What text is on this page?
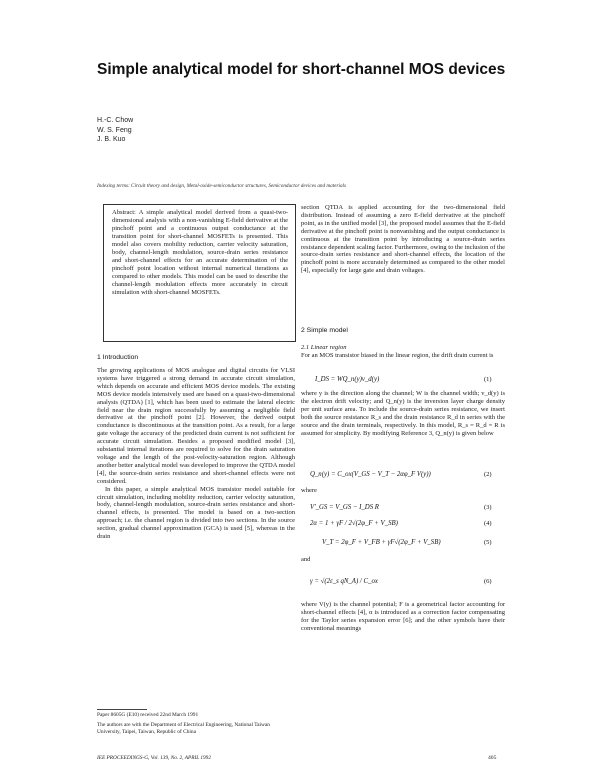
Simple analytical model for short-channel MOS devices
H.-C. Chow
W. S. Feng
J. B. Kuo
Indexing terms: Circuit theory and design, Metal-oxide-semiconductor structures, Semiconductor devices and materials

Abstract: A simple analytical model derived from a quasi-two-dimensional analysis with a non-vanishing E-field derivative at the pinchoff point and a continuous output conductance at the transition point for short-channel MOSFETs is presented. This model also covers mobility reduction, carrier velocity saturation, body, channel-length modulation, source-drain series resistance and short-channel effects for an accurate determination of the pinchoff point location without internal numerical iterations as compared to other models. This model can be used to describe the channel-length modulation effects more accurately in circuit simulation with short-channel MOSFETs.

1 Introduction

The growing applications of MOS analogue and digital circuits for VLSI systems have triggered a strong demand in accurate circuit simulation, which depends on accurate and efficient MOS device models. The existing MOS device models intensively used are based on a quasi-two-dimensional analysis (QTDA) [1], which has been used to estimate the lateral electric field near the drain region successfully by assuming a negligible field derivative at the pinchoff point [2]. However, the derived output conductance is discontinuous at the transition point. As a result, for a large gate voltage the accuracy of the predicted drain current is not sufficient for accurate circuit simulation. Besides a proposed modified model [3], substantial internal iterations are required to solve for the drain saturation voltage and the length of the post-velocity-saturation region. Although another better analytical model was developed to improve the QTDA model [4], the source-drain series resistance and short-channel effects were not considered.

In this paper, a simple analytical MOS transistor model suitable for circuit simulation, including mobility reduction, carrier velocity saturation, body, channel-length modulation, source-drain series resistance and short-channel effects, is presented. The model is based on a two-section approach; i.e. the channel region is divided into two sections. In the source section, gradual channel approximation (GCA) is used [5], whereas in the drain

section QTDA is applied accounting for the two-dimensional field distribution. Instead of assuming a zero E-field derivative at the pinchoff point, as in the unified model [3], the proposed model assumes that the E-field derivative at the pinchoff point is nonvanishing and the output conductance is continuous at the transition point by introducing a source-drain series resistance dependent scaling factor. Furthermore, owing to the inclusion of the source-drain series resistance and short-channel effects, the location of the pinchoff point is more accurately determined as compared to the other model [4], especially for large gate and drain voltages.

2 Simple model
2.1 Linear region
For an MOS transistor biased in the linear region, the drift drain current is
I_DS = WQ_n(y)v_d(y)	(1)
where y is the direction along the channel; W is the channel width; v_d(y) is the electron drift velocity; and Q_n(y) is the inversion layer charge density per unit surface area. To include the source-drain series resistance, we insert both the source resistance R_s and the drain resistance R_d in series with the source and the drain terminals, respectively. In this model, R_s = R_d = R is assumed for simplicity. By modifying Reference 3, Q_n(y) is given below
Q_n(y) = C_ox(V_GS − V_T − 2αφ_F V(y))	(2)
where
V'_GS = V_GS − I_DS R	(3)
2α = 1 + γF / 2√(2φ_F + V_SB)	(4)
V_T = 2φ_F + V_FB + γF√(2φ_F + V_SB)	(5)
and
γ = √(2ε_s qN_A) / C_ox	(6)
where V(y) is the channel potential; F is a geometrical factor accounting for short-channel effects [4], α is introduced as a correction factor compensating for the Taylor series expansion error [6]; and the other symbols have their conventional meanings
Paper 8605G (E10) received 22nd March 1991
The authors are with the Department of Electrical Engineering, National Taiwan University, Taipei, Taiwan, Republic of China
IEE PROCEEDINGS-G, Vol. 139, No. 2, APRIL 1992	405
